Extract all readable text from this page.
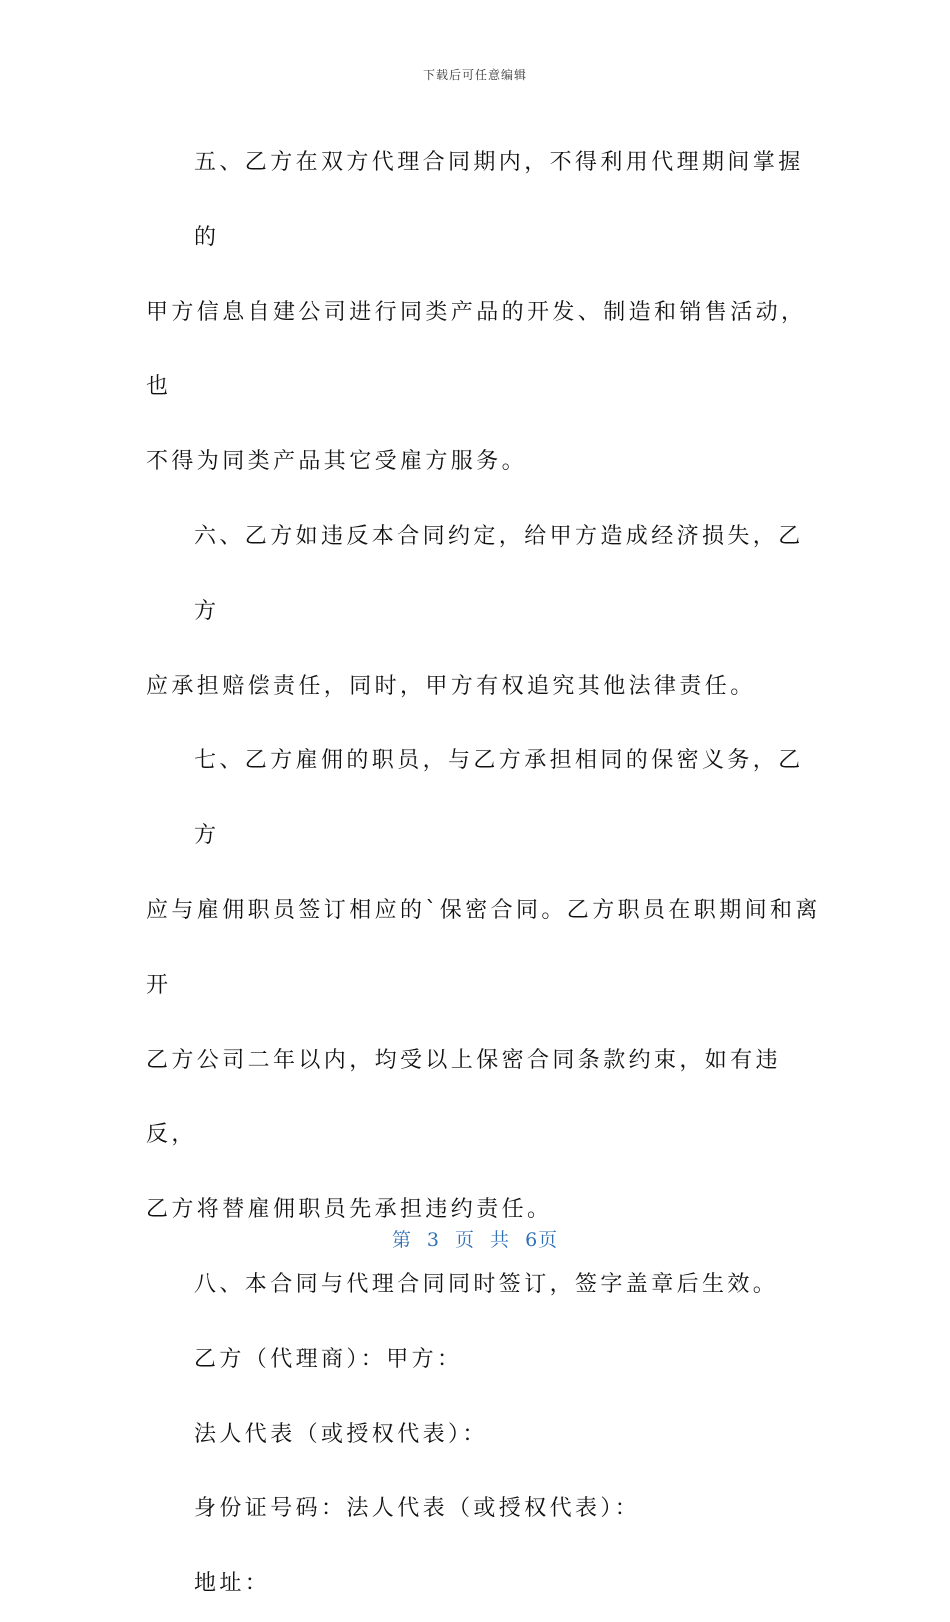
下载后可任意编辑
五、乙方在双方代理合同期内，不得利用代理期间掌握的
甲方信息自建公司进行同类产品的开发、制造和销售活动，也
不得为同类产品其它受雇方服务。
六、乙方如违反本合同约定，给甲方造成经济损失，乙方
应承担赔偿责任，同时，甲方有权追究其他法律责任。
七、乙方雇佣的职员，与乙方承担相同的保密义务，乙方
应与雇佣职员签订相应的`保密合同。乙方职员在职期间和离开
乙方公司二年以内，均受以上保密合同条款约束，如有违反，
乙方将替雇佣职员先承担违约责任。
八、本合同与代理合同同时签订，签字盖章后生效。
乙方（代理商）：甲方：
法人代表（或授权代表）：
身份证号码：法人代表（或授权代表）：
地址：
第 3 页 共 6页
